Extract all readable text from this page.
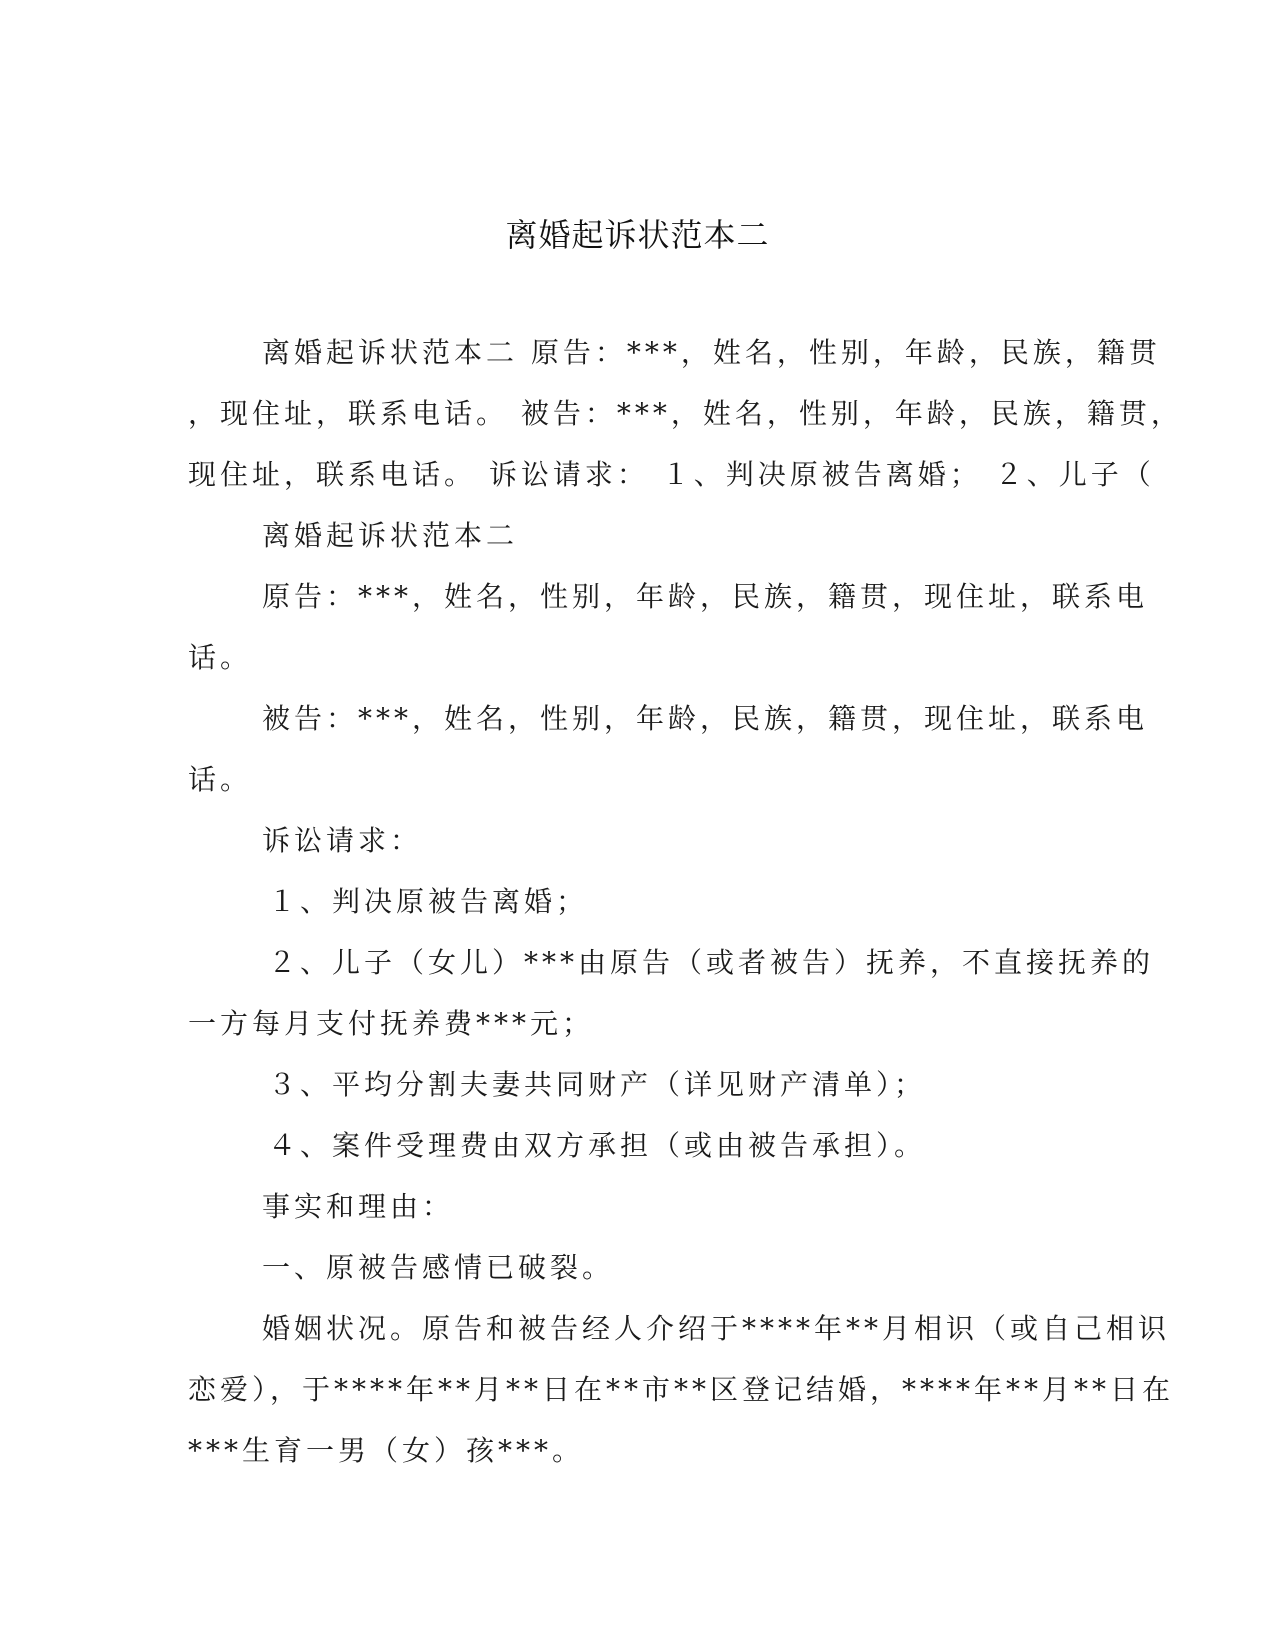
离婚起诉状范本二
离婚起诉状范本二 原告：***，姓名，性别，年龄，民族，籍贯
，现住址，联系电话。 被告：***，姓名，性别，年龄，民族，籍贯，
现住址，联系电话。 诉讼请求： １、判决原被告离婚； ２、儿子（
离婚起诉状范本二
原告：***，姓名，性别，年龄，民族，籍贯，现住址，联系电
话。
被告：***，姓名，性别，年龄，民族，籍贯，现住址，联系电
话。
诉讼请求：
１、判决原被告离婚；
２、儿子（女儿）***由原告（或者被告）抚养，不直接抚养的
一方每月支付抚养费***元；
３、平均分割夫妻共同财产（详见财产清单）；
４、案件受理费由双方承担（或由被告承担）。
事实和理由：
一、原被告感情已破裂。
婚姻状况。原告和被告经人介绍于****年**月相识（或自己相识
恋爱），于****年**月**日在**市**区登记结婚，****年**月**日在
***生育一男（女）孩***。
